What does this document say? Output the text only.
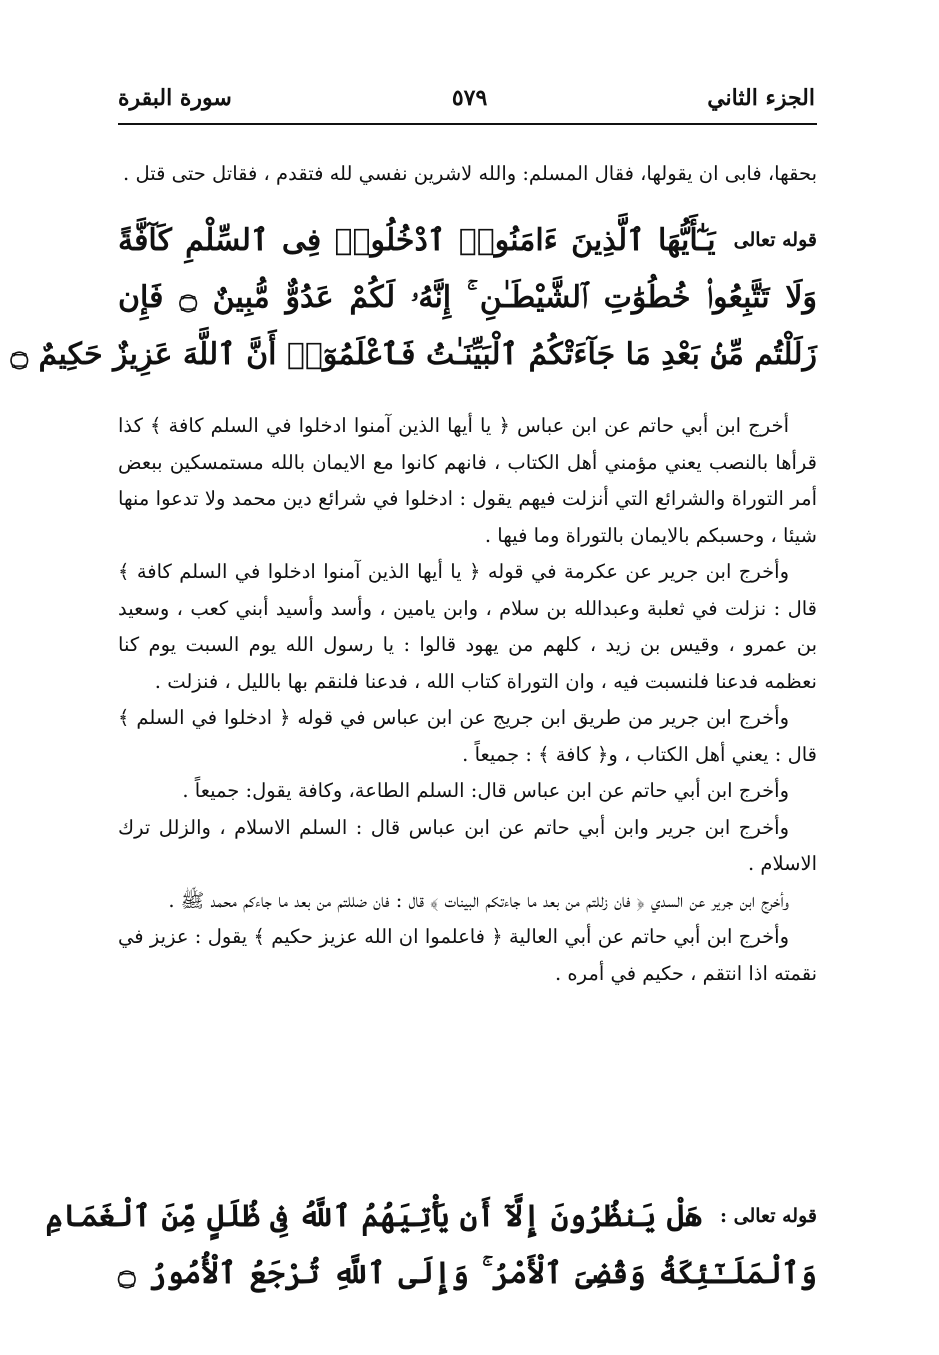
الجزء الثاني
٥٧٩
سورة البقرة

بحقها، فابى ان يقولها، فقال المسلم: والله لاشرين نفسي لله فتقدم ، فقاتل حتى قتل .

قوله تعالى
يَـٰٓأَيُّهَا ٱلَّذِينَ ءَامَنُوا۟ ٱدْخُلُوا۟ فِى ٱلسِّلْمِ كَآفَّةً
وَلَا تَتَّبِعُوا۟ خُطُوَٰتِ ٱلشَّيْطَـٰنِ ۚ إِنَّهُۥ لَكُمْ عَدُوٌّ مُّبِينٌ ۝ فَإِن
زَلَلْتُم مِّنۢ بَعْدِ مَا جَآءَتْكُمُ ٱلْبَيِّنَـٰتُ فَٱعْلَمُوٓا۟ أَنَّ ٱللَّهَ عَزِيزٌ حَكِيمٌ ۝

أخرج ابن أبي حاتم عن ابن عباس ﴿ يا أيها الذين آمنوا ادخلوا في السلم كافة ﴾ كذا قرأها بالنصب يعني مؤمني أهل الكتاب ، فانهم كانوا مع الايمان بالله مستمسكين ببعض أمر التوراة والشرائع التي أنزلت فيهم يقول : ادخلوا في شرائع دين محمد ولا تدعوا منها شيئا ، وحسبكم بالايمان بالتوراة وما فيها .

وأخرج ابن جرير عن عكرمة في قوله ﴿ يا أيها الذين آمنوا ادخلوا في السلم كافة ﴾ قال : نزلت في ثعلبة وعبدالله بن سلام ، وابن يامين ، وأسد وأسيد أبني كعب ، وسعيد بن عمرو ، وقيس بن زيد ، كلهم من يهود قالوا : يا رسول الله يوم السبت يوم كنا نعظمه فدعنا فلنسبت فيه ، وان التوراة كتاب الله ، فدعنا فلنقم بها بالليل ، فنزلت .

وأخرج ابن جرير من طريق ابن جريج عن ابن عباس في قوله ﴿ ادخلوا في السلم ﴾ قال : يعني أهل الكتاب ، و﴿ كافة ﴾ : جميعاً .

وأخرج ابن أبي حاتم عن ابن عباس قال: السلم الطاعة، وكافة يقول: جميعاً .

وأخرج ابن جرير وابن أبي حاتم عن ابن عباس قال : السلم الاسلام ، والزلل ترك الاسلام .

وأخرج ابن جرير عن السدي ﴿ فان زللتم من بعد ما جاءتكم البينات ﴾ قال : فان ضللتم من بعد ما جاءكم محمد ﷺ .

وأخرج ابن أبي حاتم عن أبي العالية ﴿ فاعلموا ان الله عزيز حكيم ﴾ يقول : عزيز في نقمته اذا انتقم ، حكيم في أمره .

قوله تعالى :
هَلْ يَنظُرُونَ إِلَّآ أَن يَأْتِيَهُمُ ٱللَّهُ فِى ظُلَلٍ مِّنَ ٱلْغَمَامِ
وَٱلْمَلَـٰٓئِكَةُ وَقُضِىَ ٱلْأَمْرُ ۚ وَإِلَى ٱللَّهِ تُرْجَعُ ٱلْأُمُورُ ۝
